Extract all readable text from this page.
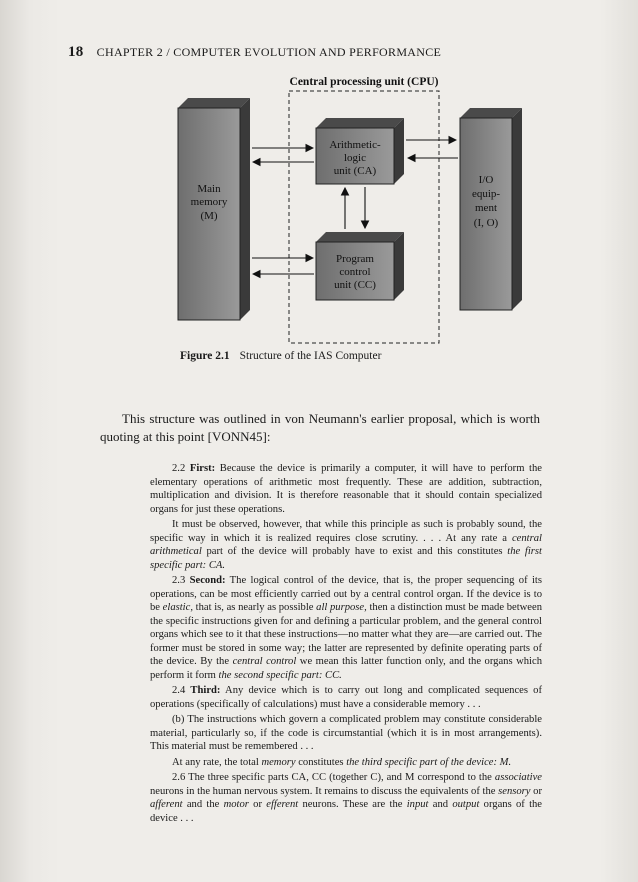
18 CHAPTER 2 / COMPUTER EVOLUTION AND PERFORMANCE
Central processing unit (CPU)
Main
memory
(M)
I/O
equip-
ment
(I, O)
Arithmetic-
logic
unit (CA)
Program
control
unit (CC)
Figure 2.1 Structure of the IAS Computer

This structure was outlined in von Neumann's earlier proposal, which is worth quoting at this point [VONN45]:

2.2 First: Because the device is primarily a computer, it will have to perform the elementary operations of arithmetic most frequently. These are addition, subtraction, multiplication and division. It is therefore reasonable that it should contain specialized organs for just these operations.

It must be observed, however, that while this principle as such is probably sound, the specific way in which it is realized requires close scrutiny. . . . At any rate a central arithmetical part of the device will probably have to exist and this constitutes the first specific part: CA.

2.3 Second: The logical control of the device, that is, the proper sequencing of its operations, can be most efficiently carried out by a central control organ. If the device is to be elastic, that is, as nearly as possible all purpose, then a distinction must be made between the specific instructions given for and defining a particular problem, and the general control organs which see to it that these instructions—no matter what they are—are carried out. The former must be stored in some way; the latter are represented by definite operating parts of the device. By the central control we mean this latter function only, and the organs which perform it form the second specific part: CC.

2.4 Third: Any device which is to carry out long and complicated sequences of operations (specifically of calculations) must have a considerable memory . . .

(b) The instructions which govern a complicated problem may constitute considerable material, particularly so, if the code is circumstantial (which it is in most arrangements). This material must be remembered . . .

At any rate, the total memory constitutes the third specific part of the device: M.

2.6 The three specific parts CA, CC (together C), and M correspond to the associative neurons in the human nervous system. It remains to discuss the equivalents of the sensory or afferent and the motor or efferent neurons. These are the input and output organs of the device . . .
